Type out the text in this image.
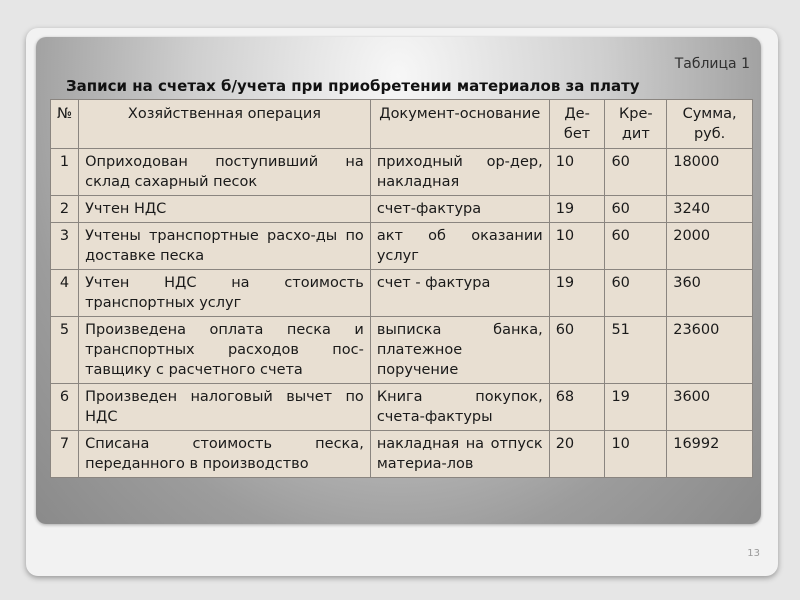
Таблица 1
Записи на счетах б/учета при приобретении материалов за плату
№	Хозяйственная операция	Документ-основание	Де-бет	Кре-дит	Сумма, руб.
1	Оприходован поступивший на склад сахарный песок	приходный ор-дер, накладная	10	60	18000
2	Учтен НДС	счет-фактура	19	60	3240
3	Учтены транспортные расхо-ды по доставке песка	акт об оказании услуг	10	60	2000
4	Учтен НДС на стоимость транспортных услуг	счет - фактура	19	60	360
5	Произведена оплата песка и транспортных расходов пос-тавщику с расчетного счета	выписка банка, платежное поручение	60	51	23600
6	Произведен налоговый вычет по НДС	Книга покупок, счета-фактуры	68	19	3600
7	Списана стоимость песка, переданного в производство	накладная на отпуск материа-лов	20	10	16992
13
